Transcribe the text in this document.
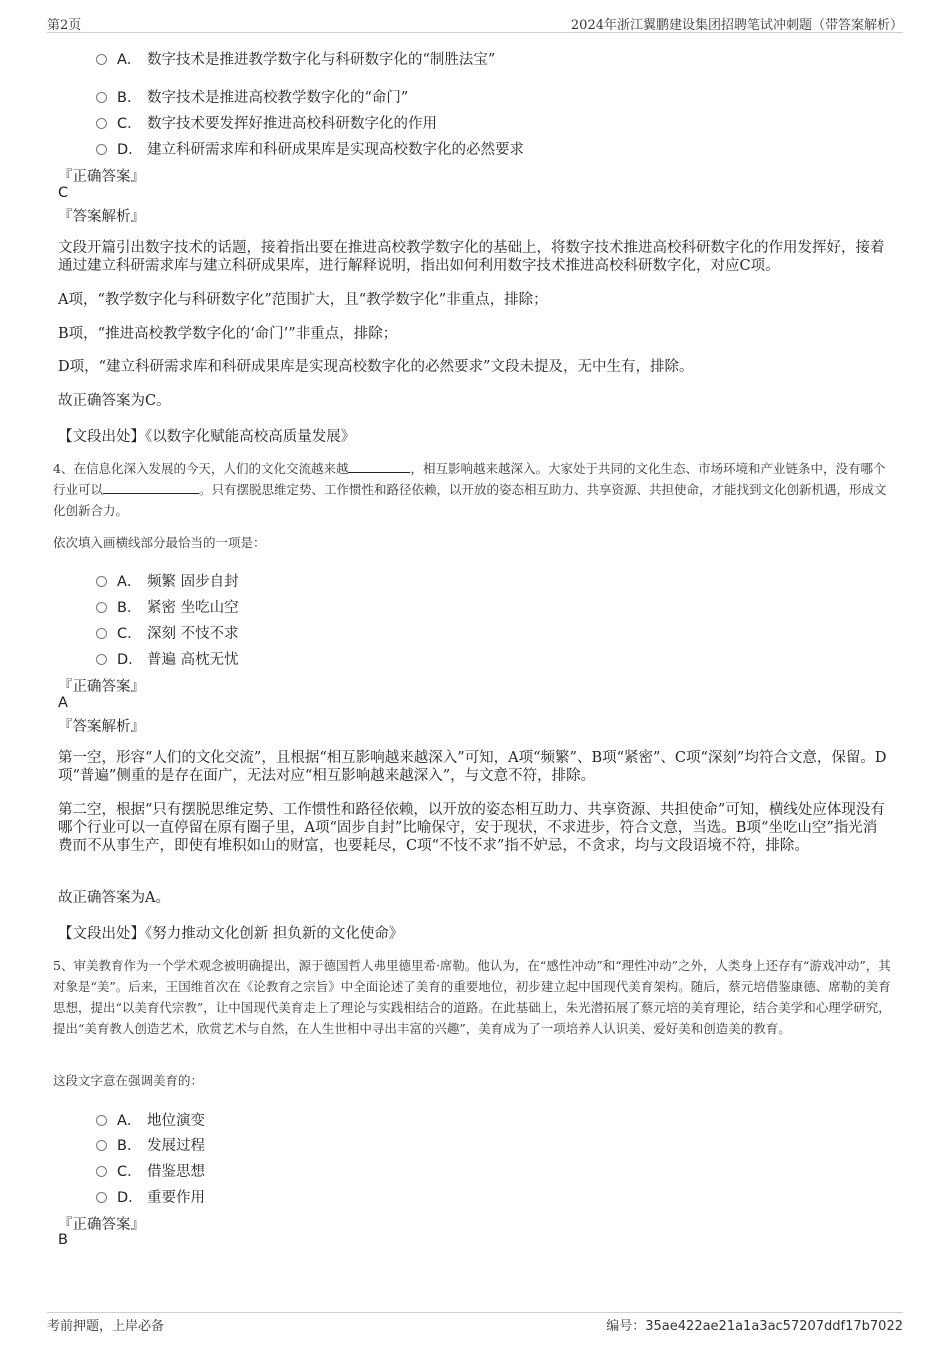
第2页	2024年浙江翼鹏建设集团招聘笔试冲刺题（带答案解析）
A． 数字技术是推进教学数字化与科研数字化的“制胜法宝”
B． 数字技术是推进高校教学数字化的“命门”
C． 数字技术要发挥好推进高校科研数字化的作用
D． 建立科研需求库和科研成果库是实现高校数字化的必然要求
『正确答案』
C
『答案解析』
文段开篇引出数字技术的话题，接着指出要在推进高校教学数字化的基础上，将数字技术推进高校科研数字化的作用发挥好，接着通过建立科研需求库与建立科研成果库，进行解释说明，指出如何利用数字技术推进高校科研数字化，对应C项。
A项，“教学数字化与科研数字化”范围扩大，且“教学数字化”非重点，排除；
B项，“推进高校教学数字化的‘命门’”非重点，排除；
D项，“建立科研需求库和科研成果库是实现高校数字化的必然要求”文段未提及，无中生有，排除。
故正确答案为C。
【文段出处】《以数字化赋能高校高质量发展》
4、在信息化深入发展的今天，人们的文化交流越来越	，相互影响越来越深入。大家处于共同的文化生态、市场环境和产业链条中，没有哪个行业可以	。只有摆脱思维定势、工作惯性和路径依赖，以开放的姿态相互助力、共享资源、共担使命，才能找到文化创新机遇，形成文化创新合力。
依次填入画横线部分最恰当的一项是：
A． 频繁 固步自封
B． 紧密 坐吃山空
C． 深刻 不忮不求
D． 普遍 高枕无忧
『正确答案』
A
『答案解析』
第一空，形容“人们的文化交流”，且根据“相互影响越来越深入”可知，A项“频繁”、B项“紧密”、C项“深刻”均符合文意，保留。D项“普遍”侧重的是存在面广，无法对应“相互影响越来越深入”，与文意不符，排除。
第二空，根据“只有摆脱思维定势、工作惯性和路径依赖，以开放的姿态相互助力、共享资源、共担使命”可知，横线处应体现没有哪个行业可以一直停留在原有圈子里，A项“固步自封”比喻保守，安于现状，不求进步，符合文意，当选。B项“坐吃山空”指光消费而不从事生产，即使有堆积如山的财富，也要耗尽，C项“不忮不求”指不妒忌，不贪求，均与文段语境不符，排除。
故正确答案为A。
【文段出处】《努力推动文化创新 担负新的文化使命》
5、审美教育作为一个学术观念被明确提出，源于德国哲人弗里德里希·席勒。他认为，在“感性冲动”和“理性冲动”之外，人类身上还存有“游戏冲动”，其对象是“美”。后来，王国维首次在《论教育之宗旨》中全面论述了美育的重要地位，初步建立起中国现代美育架构。随后，蔡元培借鉴康德、席勒的美育思想，提出“以美育代宗教”，让中国现代美育走上了理论与实践相结合的道路。在此基础上，朱光潜拓展了蔡元培的美育理论，结合美学和心理学研究，提出“美育教人创造艺术，欣赏艺术与自然，在人生世相中寻出丰富的兴趣”，美育成为了一项培养人认识美、爱好美和创造美的教育。
这段文字意在强调美育的：
A． 地位演变
B． 发展过程
C． 借鉴思想
D． 重要作用
『正确答案』
B
考前押题，上岸必备	编号：35ae422ae21a1a3ac57207ddf17b7022
